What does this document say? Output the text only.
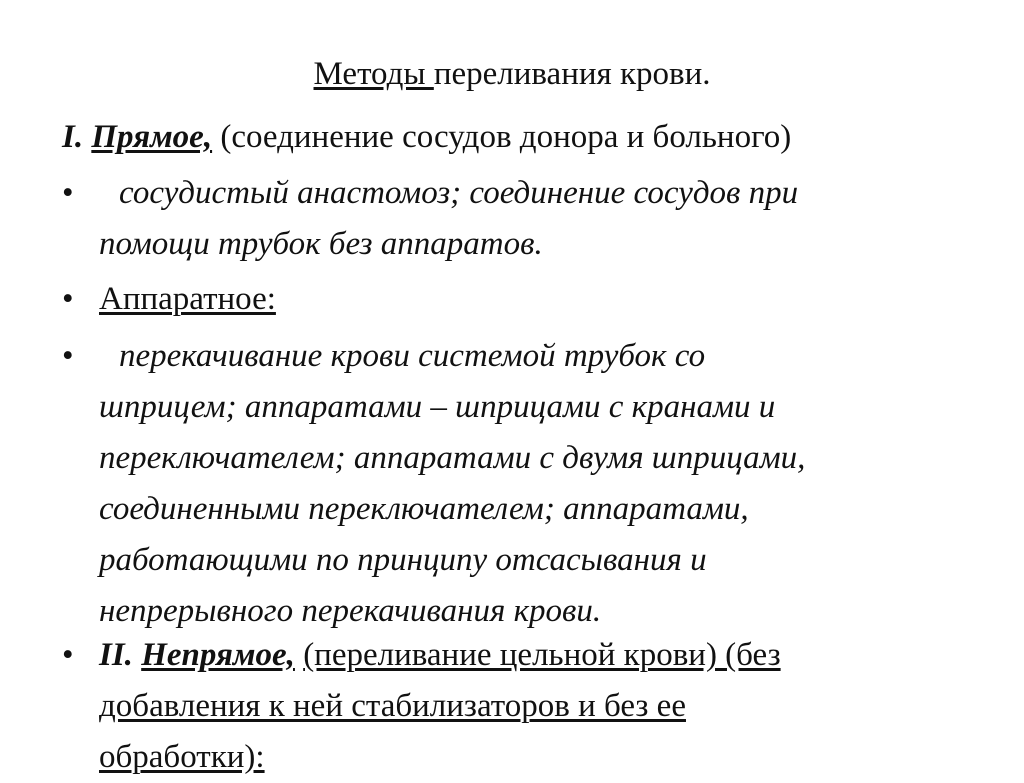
Методы переливания крови.
I. Прямое, (соединение сосудов донора и больного)
•	сосудистый анастомоз; соединение сосудов при
помощи трубок без аппаратов.
• Аппаратное:
•	перекачивание крови системой трубок со
шприцем; аппаратами – шприцами с кранами и
переключателем; аппаратами с двумя шприцами,
соединенными переключателем; аппаратами,
работающими по принципу отсасывания и
непрерывного перекачивания крови.
• II. Непрямое, (переливание цельной крови) (без
добавления к ней стабилизаторов и без ее
обработки):
